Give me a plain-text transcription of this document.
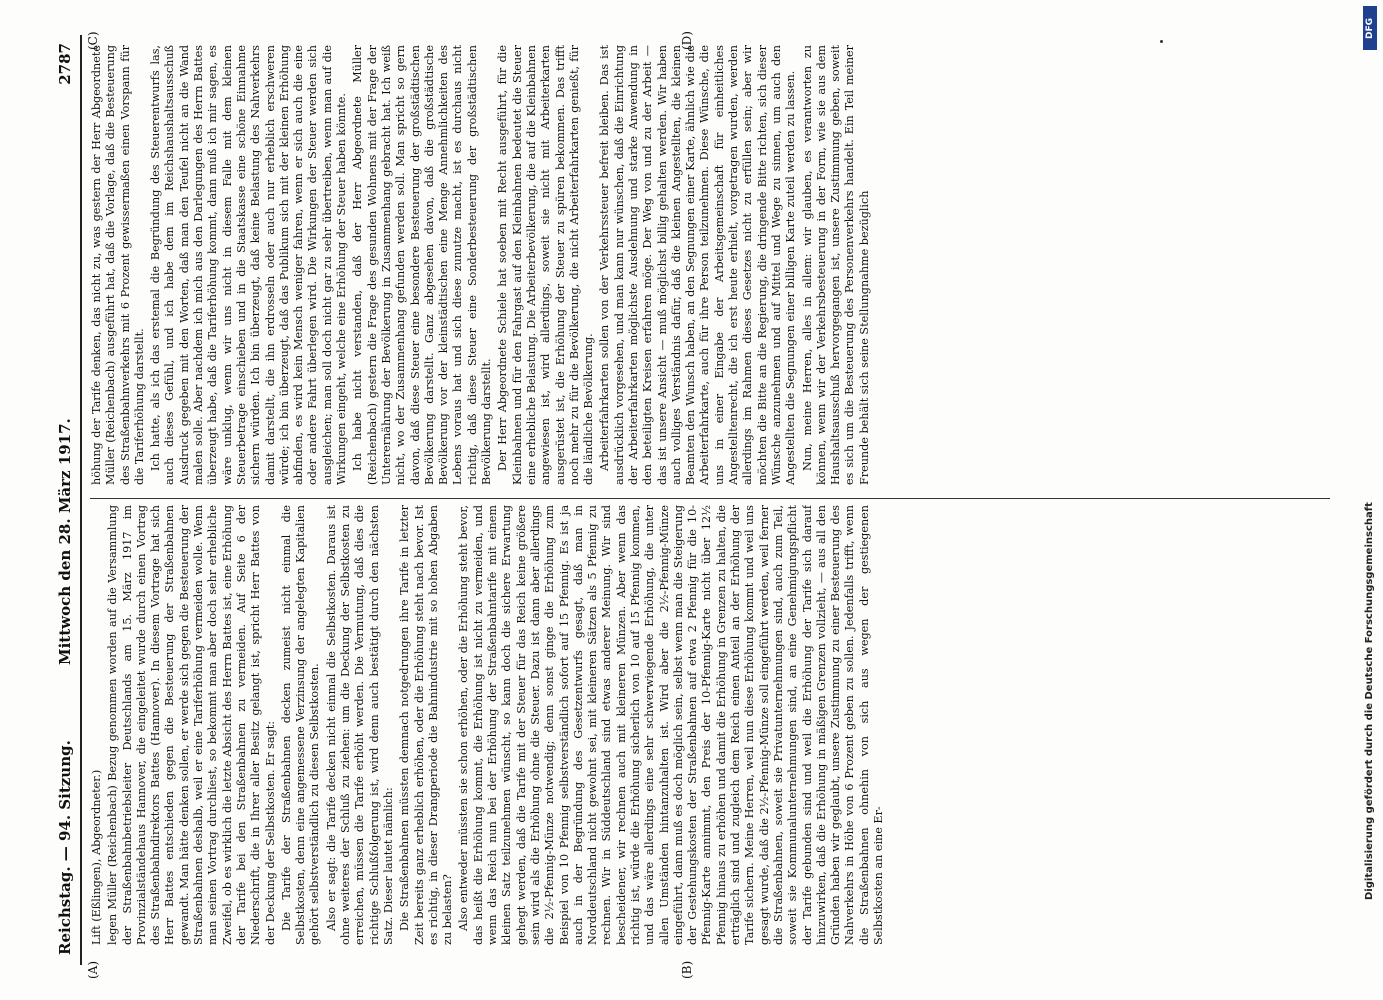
Reichstag. — 94. Sitzung.
Mittwoch den 28. März 1917.
2787
(A)	(B)
(C)	(D)

Lift (Eßlingen), Abgeordneter.) legen Müller (Reichenbach) Bezug genommen worden auf die Versammlung der Straßenbahnbetriebsleiter Deutschlands am 15. März 1917 im Provinzialständehaus Hannover, die eingeleitet wurde durch einen Vortrag des Straßenbahndirektors Battes (Hannover). In diesem Vortrage hat sich Herr Battes entschieden gegen die Besteuerung der Straßenbahnen gewandt. Man hätte denken sollen, er werde sich gegen die Besteuerung der Straßenbahnen deshalb, weil er eine Tariferhöhung vermeiden wolle. Wenn man seinen Vortrag durchliest, so bekommt man aber doch sehr erhebliche Zweifel, ob es wirklich die letzte Absicht des Herrn Battes ist, eine Erhöhung der Tarife bei den Straßenbahnen zu vermeiden. Auf Seite 6 der Niederschrift, die in Ihrer aller Besitz gelangt ist, spricht Herr Battes von der Deckung der Selbstkosten. Er sagt: Die Tarife der Straßenbahnen decken zumeist nicht einmal die Selbstkosten, denn eine angemessene Verzinsung der angelegten Kapitalien gehört selbstverständlich zu diesen Selbstkosten. Also er sagt: die Tarife decken nicht einmal die Selbstkosten. Daraus ist ohne weiteres der Schluß zu ziehen: um die Deckung der Selbstkosten zu erreichen, müssen die Tarife erhöht werden. Die Vermutung, daß dies die richtige Schlußfolgerung ist, wird denn auch bestätigt durch den nächsten Satz. Dieser lautet nämlich: Die Straßenbahnen müssten demnach notgedrungen ihre Tarife in letzter Zeit bereits ganz erheblich erhöhen, oder die Erhöhung steht nach bevor. Ist es richtig, in dieser Drangperiode die Bahnindustrie mit so hohen Abgaben zu belasten? Also entweder müssten sie schon erhöhen, oder die Erhöhung steht bevor, das heißt die Erhöhung kommt, die Erhöhung ist nicht zu vermeiden, und wenn das Reich nun bei der Erhöhung der Straßenbahntarife mit einem kleinen Satz teilzunehmen wünscht, so kann doch die sichere Erwartung gehegt werden, daß die Tarife mit der Steuer für das Reich keine größere sein wird als die Erhöhung ohne die Steuer. Dazu ist dann aber allerdings die 2½-Pfennig-Münze notwendig; denn sonst ginge die Erhöhung zum Beispiel von 10 Pfennig selbstverständlich sofort auf 15 Pfennig. Es ist ja auch in der Begründung des Gesetzentwurfs gesagt, daß man in Norddeutschland nicht gewohnt sei, mit kleineren Sätzen als 5 Pfennig zu rechnen. Wir in Süddeutschland sind etwas anderer Meinung. Wir sind bescheidener, wir rechnen auch mit kleineren Münzen. Aber wenn das richtig ist, würde die Erhöhung sicherlich von 10 auf 15 Pfennig kommen, und das wäre allerdings eine sehr schwerwiegende Erhöhung, die unter allen Umständen hintanzuhalten ist. Wird aber die 2½-Pfennig-Münze eingeführt, dann muß es doch möglich sein, selbst wenn man die Steigerung der Gestehungskosten der Straßenbahnen auf etwa 2 Pfennig für die 10-Pfennig-Karte annimmt, den Preis der 10-Pfennig-Karte nicht über 12½ Pfennig hinaus zu erhöhen und damit die Erhöhung in Grenzen zu halten, die erträglich sind und zugleich dem Reich einen Anteil an der Erhöhung der Tarife sichern. Meine Herren, weil nun diese Erhöhung kommt und weil uns gesagt wurde, daß die 2½-Pfennig-Münze soll eingeführt werden, weil ferner die Straßenbahnen, soweit sie Privatunternehmungen sind, auch zum Teil, soweit sie Kommunalunternehmungen sind, an eine Genehmigungspflicht der Tarife gebunden sind und weil die Erhöhung der Tarife sich darauf hinzuwirken, daß die Erhöhung in mäßigen Grenzen vollzieht, — aus all den Gründen haben wir geglaubt, unsere Zustimmung zu einer Besteuerung des Nahverkehrs in Höhe von 6 Prozent geben zu sollen. Jedenfalls trifft, wenn die Straßenbahnen ohnehin von sich aus wegen der gestiegenen Selbstkosten an eine Er-

höhung der Tarife denken, das nicht zu, was gestern der Herr Abgeordnete Müller (Reichenbach) ausgeführt hat, daß die Vorlage, daß die Besteuerung des Straßenbahnverkehrs mit 6 Prozent gewissermaßen einen Vorspann für die Tariferhöhung darstellt. Ich hatte, als ich das erstemal die Begründung des Steuerentwurfs las, auch dieses Gefühl, und ich habe dem im Reichshaushaltsausschuß Ausdruck gegeben mit den Worten, daß man den Teufel nicht an die Wand malen solle. Aber nachdem ich mich aus den Darlegungen des Herrn Battes überzeugt habe, daß die Tariferhöhung kommt, dann muß ich mir sagen, es wäre unklug, wenn wir uns nicht in diesem Falle mit dem kleinen Steuerbetrage einschieben und in die Staatskasse eine schöne Einnahme sichern würden. Ich bin überzeugt, daß keine Belastung des Nahverkehrs damit darstellt, die ihn erdrosseln oder auch nur erheblich erschweren würde; ich bin überzeugt, daß das Publikum sich mit der kleinen Erhöhung abfinden, es wird kein Mensch weniger fahren, wenn er sich auch die eine oder andere Fahrt überlegen wird. Die Wirkungen der Steuer werden sich ausgleichen; man soll doch nicht gar zu sehr übertreiben, wenn man auf die Wirkungen eingeht, welche eine Erhöhung der Steuer haben könnte. Ich habe nicht verstanden, daß der Herr Abgeordnete Müller (Reichenbach) gestern die Frage des gesunden Wohnens mit der Frage der Unterernährung der Bevölkerung in Zusammenhang gebracht hat. Ich weiß nicht, wo der Zusammenhang gefunden werden soll. Man spricht so gern davon, daß diese Steuer eine besondere Besteuerung der großstädtischen Bevölkerung darstellt. Ganz abgesehen davon, daß die großstädtische Bevölkerung vor der kleinstädtischen eine Menge Annehmlichkeiten des Lebens voraus hat und sich diese zunutze macht, ist es durchaus nicht richtig, daß diese Steuer eine Sonderbesteuerung der großstädtischen Bevölkerung darstellt. Der Herr Abgeordnete Schiele hat soeben mit Recht ausgeführt, für die Kleinbahnen und für den Fahrgast auf den Kleinbahnen bedeutet die Steuer eine erhebliche Belastung. Die Arbeiterbevölkerung, die auf die Kleinbahnen angewiesen ist, wird allerdings, soweit sie nicht mit Arbeiterkarten ausgerüstet ist, die Erhöhung der Steuer zu spüren bekommen. Das trifft noch mehr zu für die Bevölkerung, die nicht Arbeiterfahrkarten genießt, für die ländliche Bevölkerung. Arbeiterfahrkarten sollen von der Verkehrssteuer befreit bleiben. Das ist ausdrücklich vorgesehen, und man kann nur wünschen, daß die Einrichtung der Arbeiterfahrkarten möglichste Ausdehnung und starke Anwendung in den beteiligten Kreisen erfahren möge. Der Weg von und zu der Arbeit — das ist unsere Ansicht — muß möglichst billig gehalten werden. Wir haben auch volliges Verständnis dafür, daß die kleinen Angestellten, die kleinen Beamten den Wunsch haben, an den Segnungen einer Karte, ähnlich wie die Arbeiterfahrkarte, auch für ihre Person teilzunehmen. Diese Wünsche, die uns in einer Eingabe der Arbeitsgemeinschaft für einheitliches Angestelltenrecht, die ich erst heute erhielt, vorgetragen wurden, werden allerdings im Rahmen dieses Gesetzes nicht zu erfüllen sein; aber wir möchten die Bitte an die Regierung, die dringende Bitte richten, sich dieser Wünsche anzunehmen und auf Mittel und Wege zu sinnen, um auch den Angestellten die Segnungen einer billigen Karte zuteil werden zu lassen. Nun, meine Herren, alles in allem: wir glauben, es verantworten zu können, wenn wir der Verkehrsbesteuerung in der Form, wie sie aus dem Haushaltsausschuß hervorgegangen ist, unsere Zustimmung geben, soweit es sich um die Besteuerung des Personenverkehrs handelt. Ein Teil meiner Freunde behält sich seine Stellungnahme bezüglich

DFG
Digitalisierung gefördert durch die Deutsche Forschungsgemeinschaft
